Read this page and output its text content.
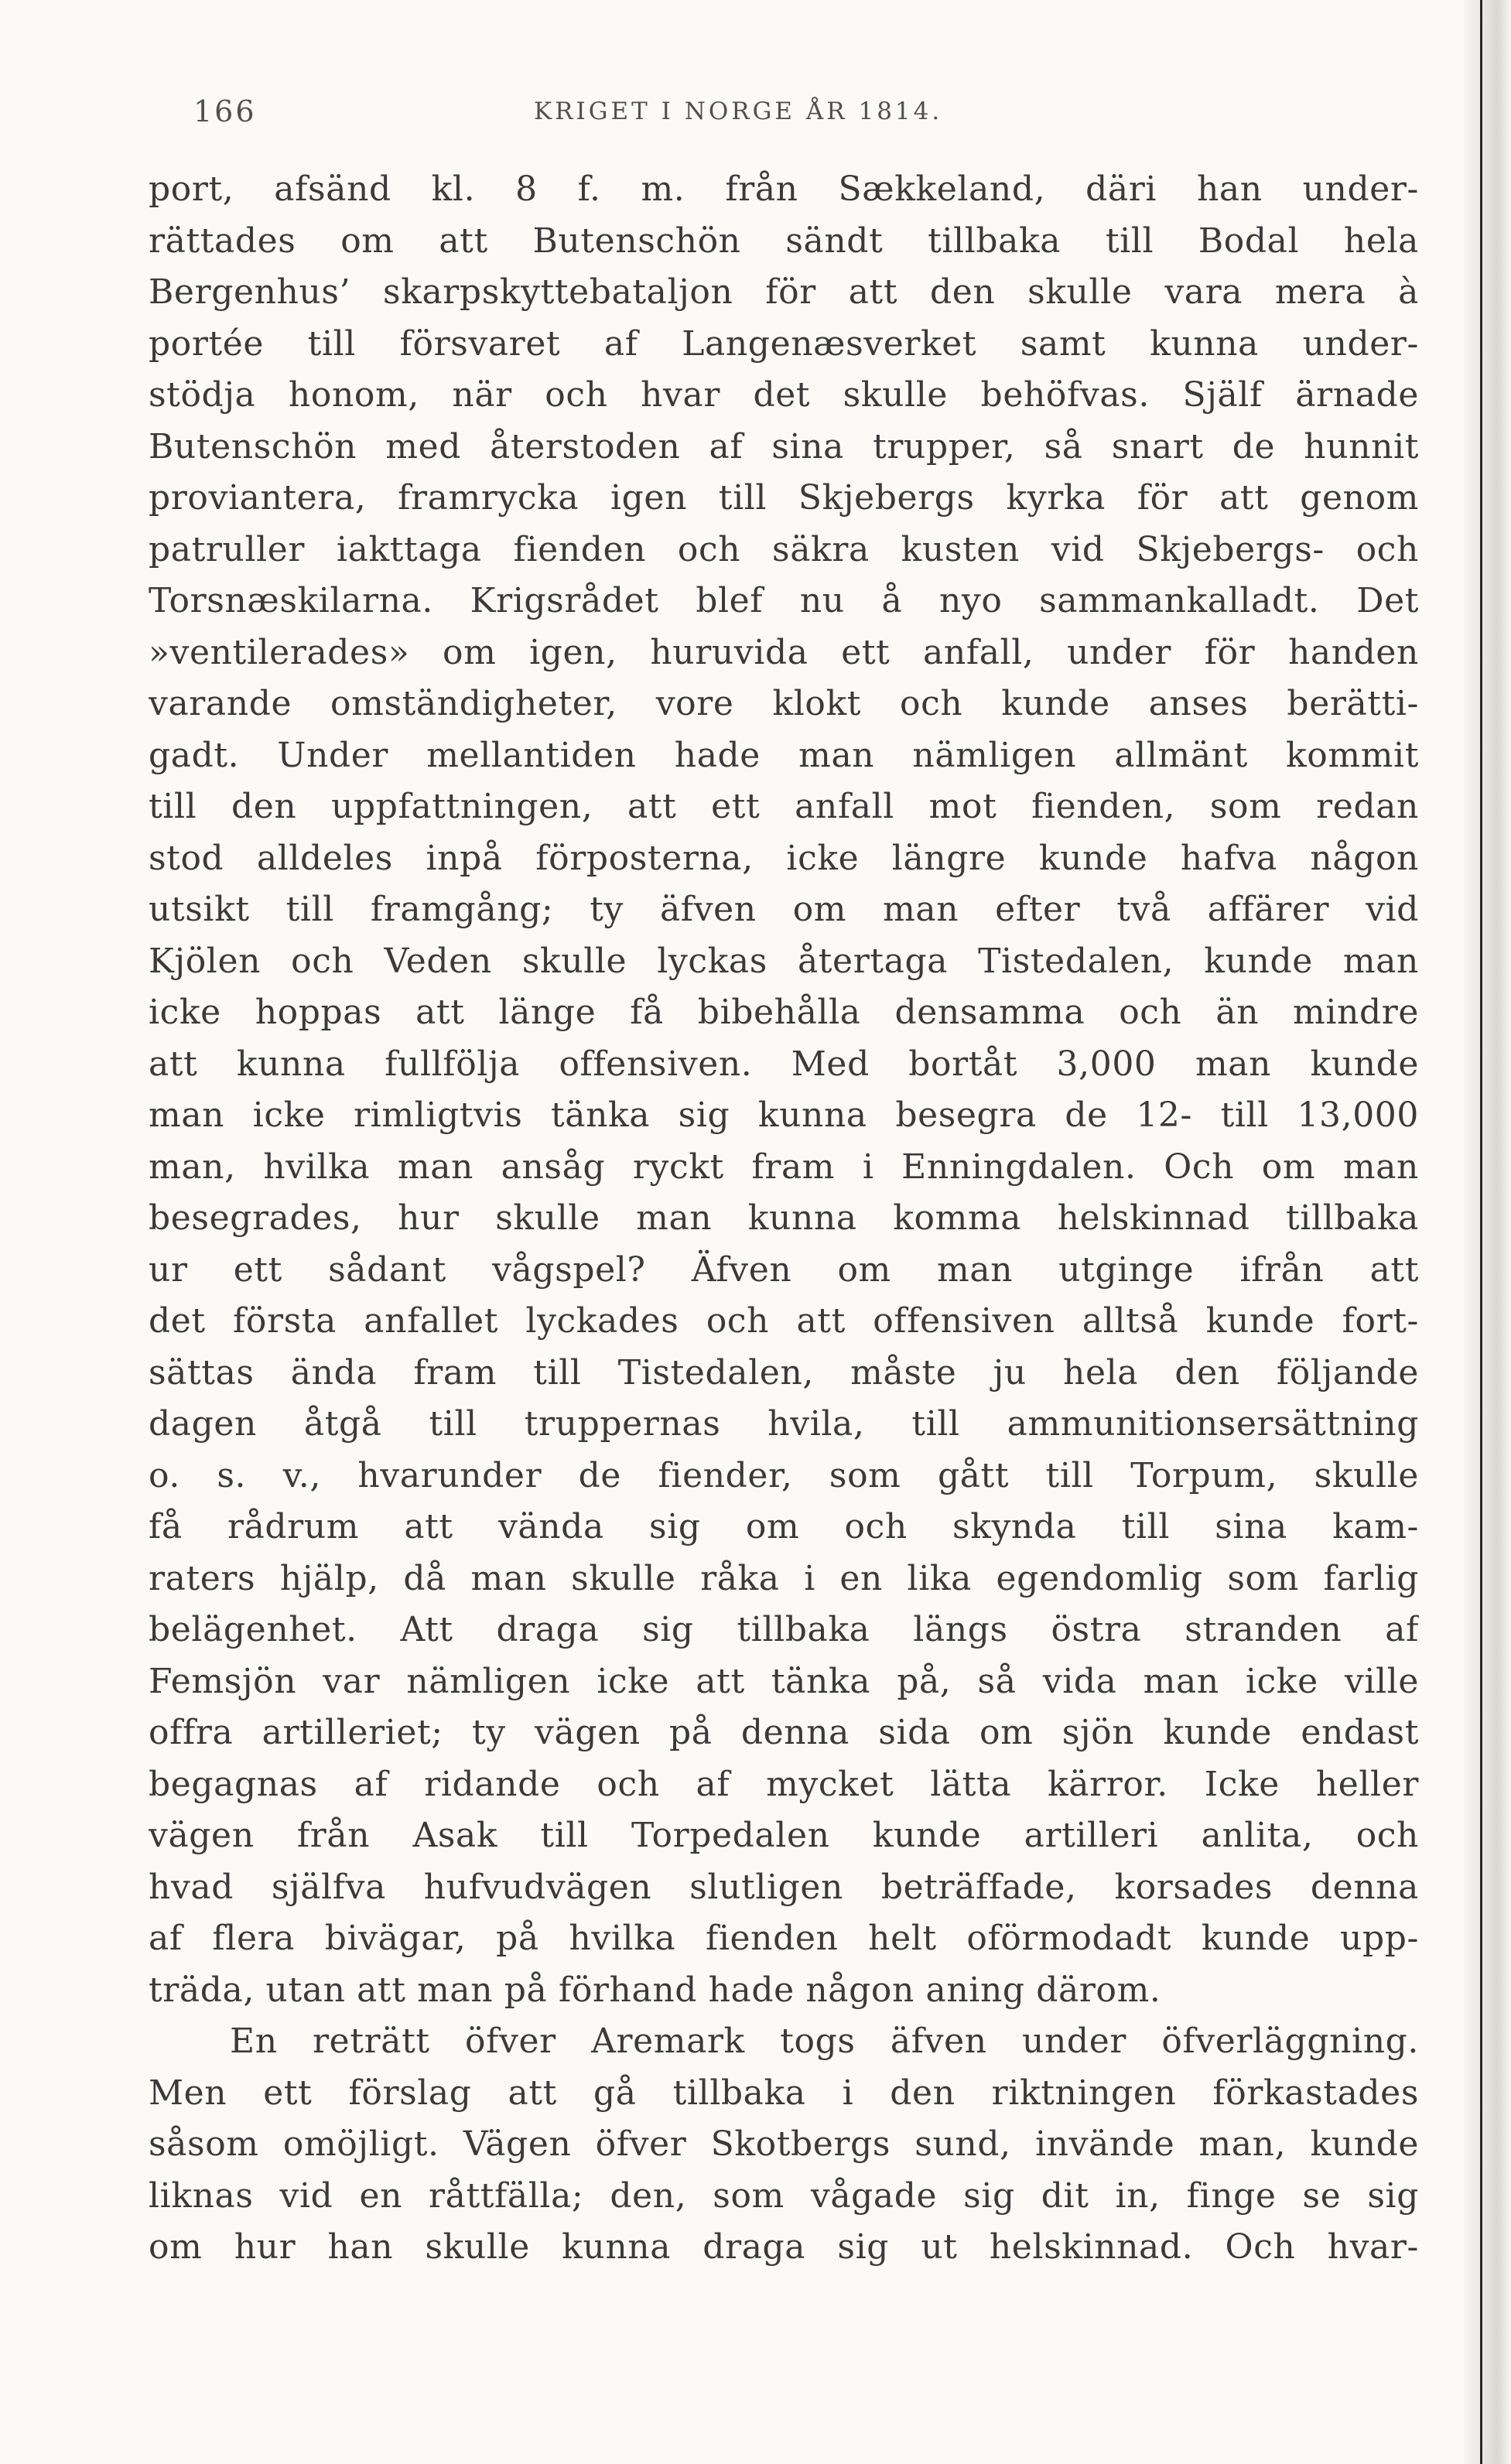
166	KRIGET I NORGE ÅR 1814.
port, afsänd kl. 8 f. m. från Sækkeland, däri han under-
rättades om att Butenschön sändt tillbaka till Bodal hela
Bergenhus’ skarpskyttebataljon för att den skulle vara mera à
portée till försvaret af Langenæsverket samt kunna under-
stödja honom, när och hvar det skulle behöfvas. Själf ärnade
Butenschön med återstoden af sina trupper, så snart de hunnit
proviantera, framrycka igen till Skjebergs kyrka för att genom
patruller iakttaga fienden och säkra kusten vid Skjebergs- och
Torsnæskilarna. Krigsrådet blef nu å nyo sammankalladt. Det
»ventilerades» om igen, huruvida ett anfall, under för handen
varande omständigheter, vore klokt och kunde anses berätti-
gadt. Under mellantiden hade man nämligen allmänt kommit
till den uppfattningen, att ett anfall mot fienden, som redan
stod alldeles inpå förposterna, icke längre kunde hafva någon
utsikt till framgång; ty äfven om man efter två affärer vid
Kjölen och Veden skulle lyckas återtaga Tistedalen, kunde man
icke hoppas att länge få bibehålla densamma och än mindre
att kunna fullfölja offensiven. Med bortåt 3,000 man kunde
man icke rimligtvis tänka sig kunna besegra de 12- till 13,000
man, hvilka man ansåg ryckt fram i Enningdalen. Och om man
besegrades, hur skulle man kunna komma helskinnad tillbaka
ur ett sådant vågspel? Äfven om man utginge ifrån att
det första anfallet lyckades och att offensiven alltså kunde fort-
sättas ända fram till Tistedalen, måste ju hela den följande
dagen åtgå till truppernas hvila, till ammunitionsersättning
o. s. v., hvarunder de fiender, som gått till Torpum, skulle
få rådrum att vända sig om och skynda till sina kam-
raters hjälp, då man skulle råka i en lika egendomlig som farlig
belägenhet. Att draga sig tillbaka längs östra stranden af
Femsjön var nämligen icke att tänka på, så vida man icke ville
offra artilleriet; ty vägen på denna sida om sjön kunde endast
begagnas af ridande och af mycket lätta kärror. Icke heller
vägen från Asak till Torpedalen kunde artilleri anlita, och
hvad själfva hufvudvägen slutligen beträffade, korsades denna
af flera bivägar, på hvilka fienden helt oförmodadt kunde upp-
träda, utan att man på förhand hade någon aning därom.
En reträtt öfver Aremark togs äfven under öfverläggning.
Men ett förslag att gå tillbaka i den riktningen förkastades
såsom omöjligt. Vägen öfver Skotbergs sund, invände man, kunde
liknas vid en råttfälla; den, som vågade sig dit in, finge se sig
om hur han skulle kunna draga sig ut helskinnad. Och hvar-
